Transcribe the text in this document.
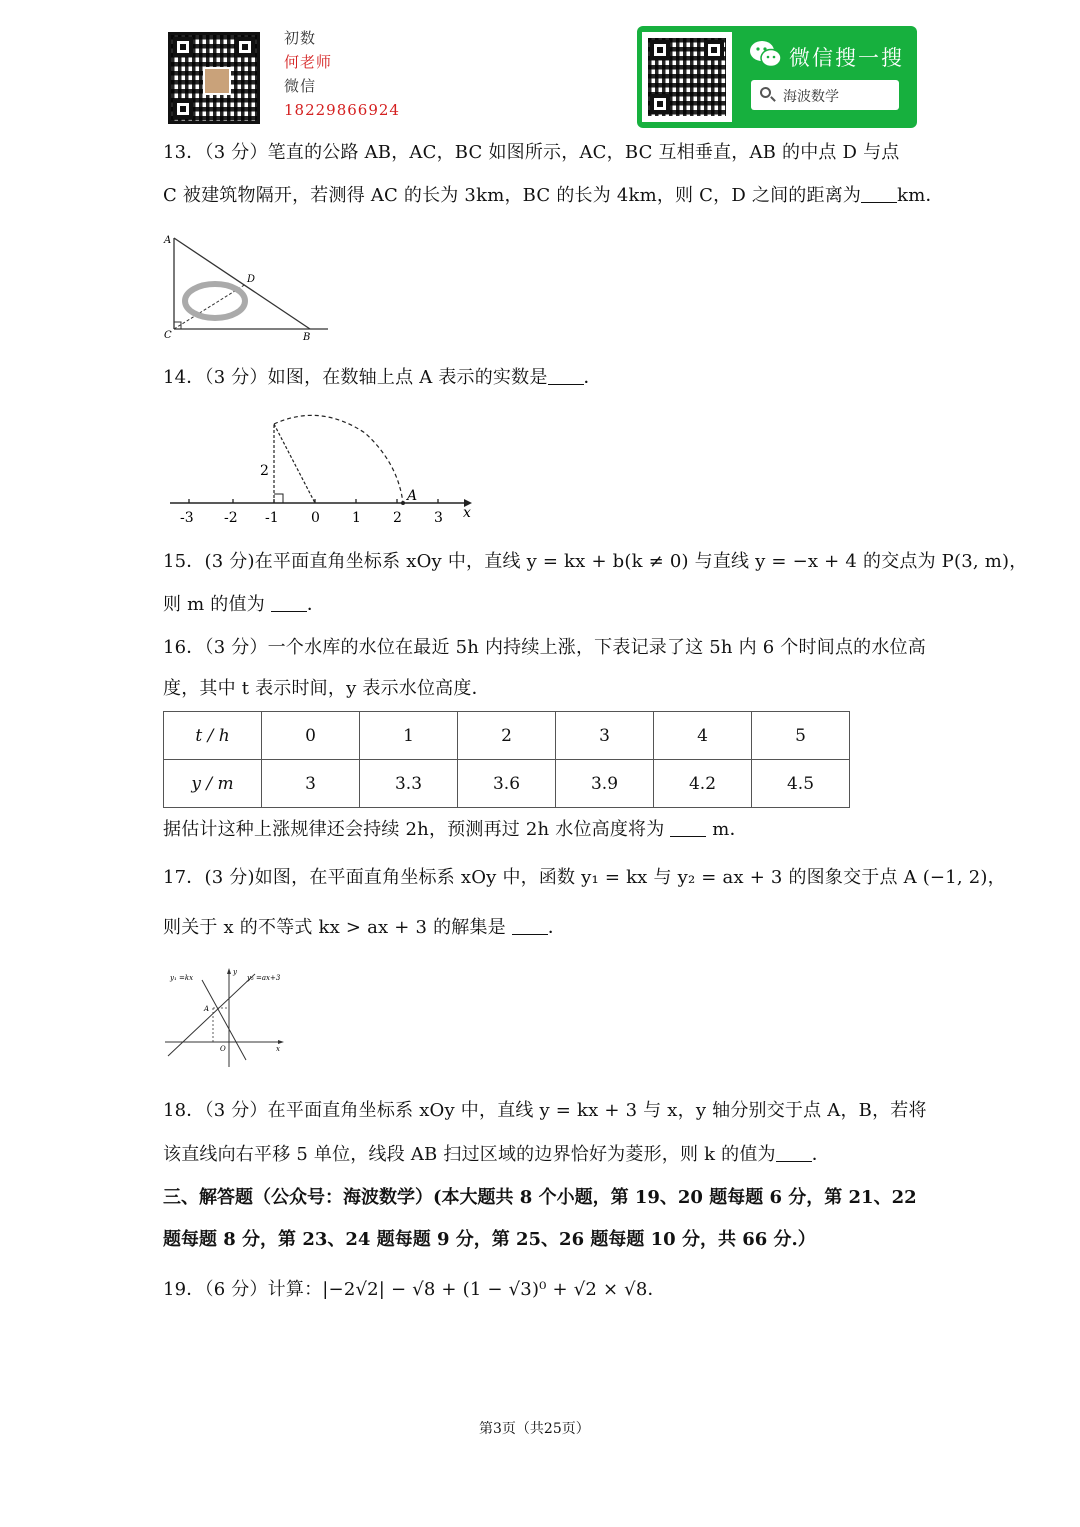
初数
何老师
微信
18229866924
微信搜一搜
海波数学
13．（3 分）笔直的公路 AB，AC，BC 如图所示，AC，BC 互相垂直，AB 的中点 D 与点
C 被建筑物隔开，若测得 AC 的长为 3km，BC 的长为 4km，则 C，D 之间的距离为 km．
A
D
C	B
14．（3 分）如图，在数轴上点 A 表示的实数是 ．
-3 -2 -1 0 1 2 3 x
2
A
15．(3 分)在平面直角坐标系 xOy 中，直线 y = kx + b(k ≠ 0) 与直线 y = −x + 4 的交点为 P(3, m)，
则 m 的值为 ．
16．（3 分）一个水库的水位在最近 5h 内持续上涨，下表记录了这 5h 内 6 个时间点的水位高
度，其中 t 表示时间，y 表示水位高度．
t / h	0	1	2	3	4	5
y / m	3	3.3	3.6	3.9	4.2	4.5
据估计这种上涨规律还会持续 2h，预测再过 2h 水位高度将为	m．
17．(3 分)如图，在平面直角坐标系 xOy 中，函数 y₁ = kx 与 y₂ = ax + 3 的图象交于点 A (−1, 2)，
则关于 x 的不等式 kx > ax + 3 的解集是 ．
y₁ =kx	y₂ =ax+3
y
A
O	x
18．（3 分）在平面直角坐标系 xOy 中，直线 y = kx + 3 与 x，y 轴分别交于点 A，B，若将
该直线向右平移 5 单位，线段 AB 扫过区域的边界恰好为菱形，则 k 的值为 ．
三、解答题（公众号：海波数学）(本大题共 8 个小题，第 19、20 题每题 6 分，第 21、22
题每题 8 分，第 23、24 题每题 9 分，第 25、26 题每题 10 分，共 66 分.）
19．（6 分）计算：|−2√2| − √8 + (1 − √3)⁰ + √2 × √8．
第3页（共25页）
